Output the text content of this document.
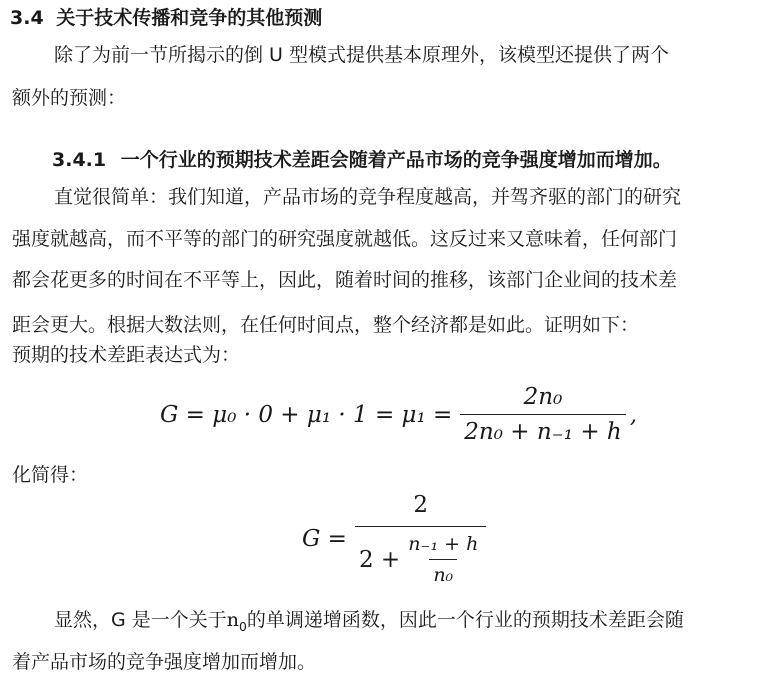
3.4 关于技术传播和竞争的其他预测
除了为前一节所揭示的倒 U 型模式提供基本原理外，该模型还提供了两个
额外的预测：
3.4.1 一个行业的预期技术差距会随着产品市场的竞争强度增加而增加。
直觉很简单：我们知道，产品市场的竞争程度越高，并驾齐驱的部门的研究
强度就越高，而不平等的部门的研究强度就越低。这反过来又意味着，任何部门
都会花更多的时间在不平等上，因此，随着时间的推移，该部门企业间的技术差
距会更大。根据大数法则，在任何时间点，整个经济都是如此。证明如下：
预期的技术差距表达式为：
$G = \mu_0 \cdot 0 + \mu_1 \cdot 1 = \mu_1 = \frac{\text{2n₀}}{\text{2n₀ + n₋₁ + h}}$ ,
化简得：
$G = \frac{2}{2 + \frac{\text{n₋₁ + h}}{\text{n₀}}}$
显然，G 是一个关于$n_0$的单调递增函数，因此一个行业的预期技术差距会随
着产品市场的竞争强度增加而增加。
